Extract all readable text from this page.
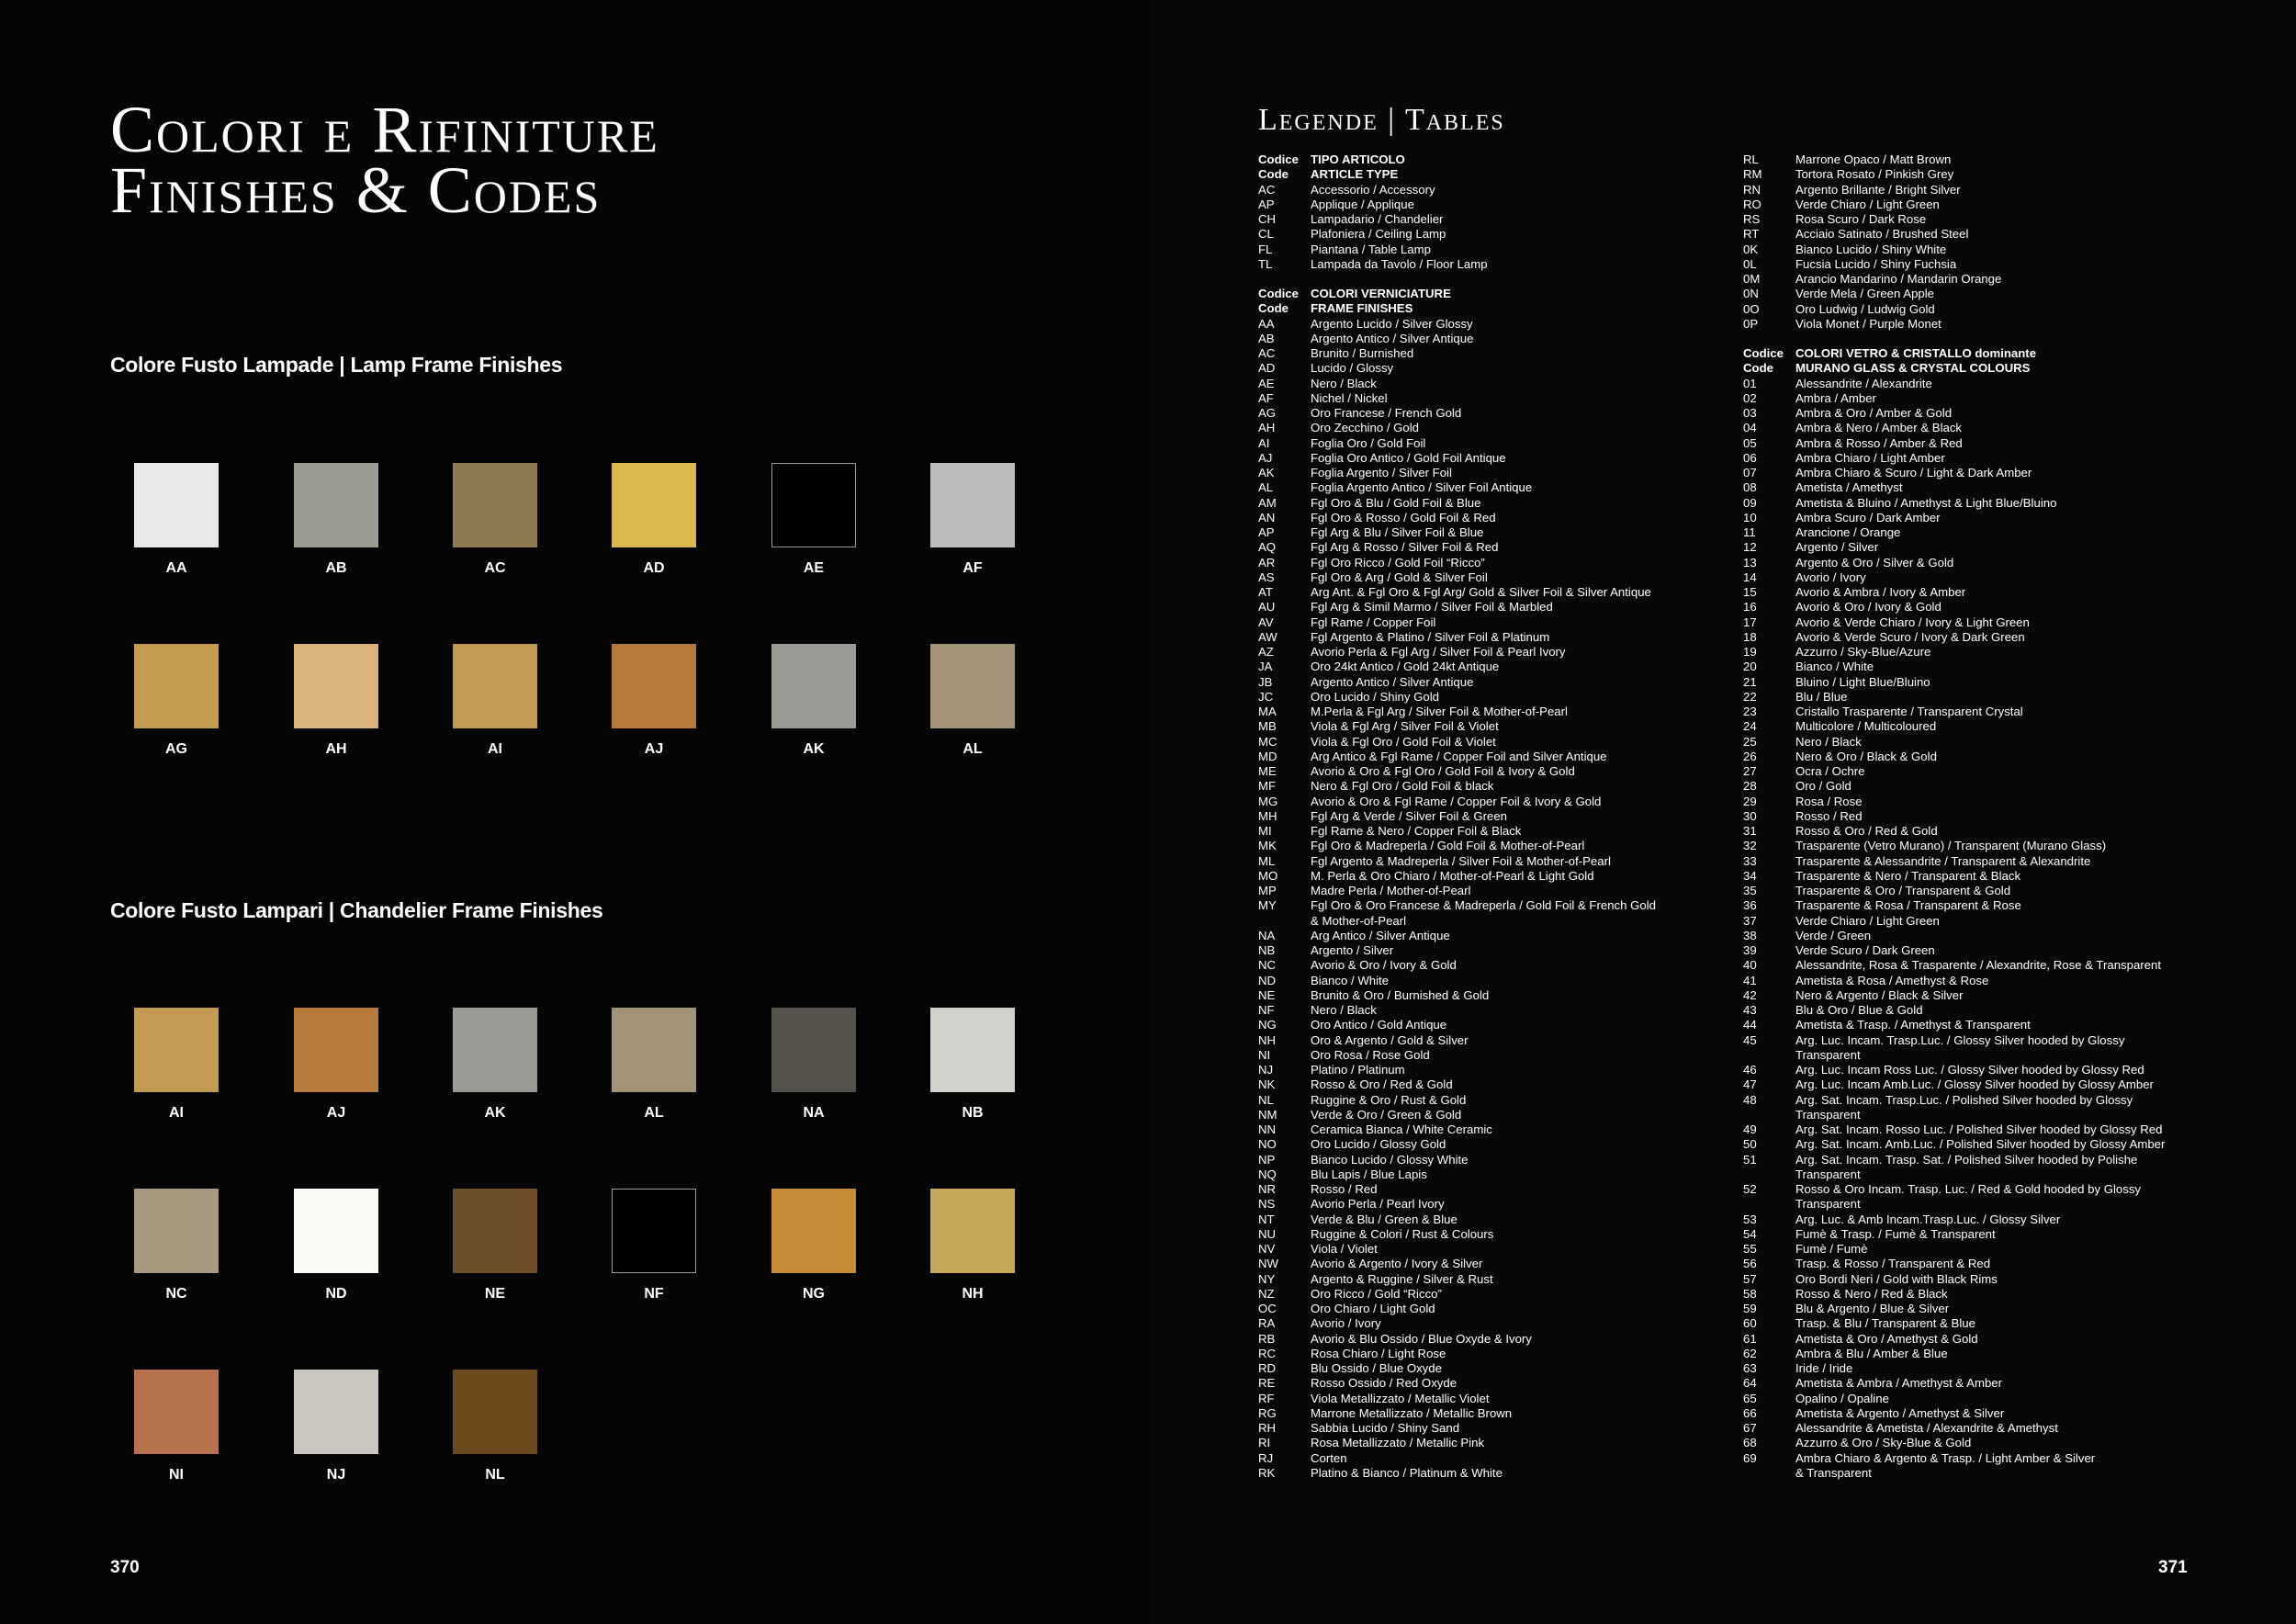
Colori e Rifiniture
Finishes & Codes
Colore Fusto Lampade | Lamp Frame Finishes
AA	AB	AC	AD	AE	AF
AG	AH	AI	AJ	AK	AL
Colore Fusto Lampari | Chandelier Frame Finishes
AI	AJ	AK	AL	NA	NB
NC	ND	NE	NF	NG	NH
NI	NJ	NL
370	371
Legende | Tables
Codice	TIPO ARTICOLO
Code	ARTICLE TYPE
AC	Accessorio / Accessory
AP	Applique / Applique
CH	Lampadario / Chandelier
CL	Plafoniera / Ceiling Lamp
FL	Piantana / Table Lamp
TL	Lampada da Tavolo / Floor Lamp

Codice	COLORI VERNICIATURE
Code	FRAME FINISHES
AA	Argento Lucido / Silver Glossy
AB	Argento Antico / Silver Antique
AC	Brunito / Burnished
AD	Lucido / Glossy
AE	Nero / Black
AF	Nichel / Nickel
AG	Oro Francese / French Gold
AH	Oro Zecchino / Gold
AI	Foglia Oro / Gold Foil
AJ	Foglia Oro Antico / Gold Foil Antique
AK	Foglia Argento / Silver Foil
AL	Foglia Argento Antico / Silver Foil Antique
AM	Fgl Oro & Blu / Gold Foil & Blue
AN	Fgl Oro & Rosso / Gold Foil & Red
AP	Fgl Arg & Blu / Silver Foil & Blue
AQ	Fgl Arg & Rosso / Silver Foil & Red
AR	Fgl Oro Ricco / Gold Foil “Ricco”
AS	Fgl Oro & Arg / Gold & Silver Foil
AT	Arg Ant. & Fgl Oro & Fgl Arg/ Gold & Silver Foil & Silver Antique
AU	Fgl Arg & Simil Marmo / Silver Foil & Marbled
AV	Fgl Rame / Copper Foil
AW	Fgl Argento & Platino / Silver Foil & Platinum
AZ	Avorio Perla & Fgl Arg / Silver Foil & Pearl Ivory
JA	Oro 24kt Antico / Gold 24kt Antique
JB	Argento Antico / Silver Antique
JC	Oro Lucido / Shiny Gold
MA	M.Perla & Fgl Arg / Silver Foil & Mother-of-Pearl
MB	Viola & Fgl Arg / Silver Foil & Violet
MC	Viola & Fgl Oro / Gold Foil & Violet
MD	Arg Antico & Fgl Rame / Copper Foil and Silver Antique
ME	Avorio & Oro & Fgl Oro / Gold Foil & Ivory & Gold
MF	Nero & Fgl Oro / Gold Foil & black
MG	Avorio & Oro & Fgl Rame / Copper Foil & Ivory & Gold
MH	Fgl Arg & Verde / Silver Foil & Green
MI	Fgl Rame & Nero / Copper Foil & Black
MK	Fgl Oro & Madreperla / Gold Foil & Mother-of-Pearl
ML	Fgl Argento & Madreperla / Silver Foil & Mother-of-Pearl
MO	M. Perla & Oro Chiaro / Mother-of-Pearl & Light Gold
MP	Madre Perla / Mother-of-Pearl
MY	Fgl Oro & Oro Francese & Madreperla / Gold Foil & French Gold
	& Mother-of-Pearl
NA	Arg Antico / Silver Antique
NB	Argento / Silver
NC	Avorio & Oro / Ivory & Gold
ND	Bianco / White
NE	Brunito & Oro / Burnished & Gold
NF	Nero / Black
NG	Oro Antico / Gold Antique
NH	Oro & Argento / Gold & Silver
NI	Oro Rosa / Rose Gold
NJ	Platino / Platinum
NK	Rosso & Oro / Red & Gold
NL	Ruggine & Oro / Rust & Gold
NM	Verde & Oro / Green & Gold
NN	Ceramica Bianca / White Ceramic
NO	Oro Lucido / Glossy Gold
NP	Bianco Lucido / Glossy White
NQ	Blu Lapis / Blue Lapis
NR	Rosso / Red
NS	Avorio Perla / Pearl Ivory
NT	Verde & Blu / Green & Blue
NU	Ruggine & Colori / Rust & Colours
NV	Viola / Violet
NW	Avorio & Argento / Ivory & Silver
NY	Argento & Ruggine / Silver & Rust
NZ	Oro Ricco / Gold “Ricco”
OC	Oro Chiaro / Light Gold
RA	Avorio / Ivory
RB	Avorio & Blu Ossido / Blue Oxyde & Ivory
RC	Rosa Chiaro / Light Rose
RD	Blu Ossido / Blue Oxyde
RE	Rosso Ossido / Red Oxyde
RF	Viola Metallizzato / Metallic Violet
RG	Marrone Metallizzato / Metallic Brown
RH	Sabbia Lucido / Shiny Sand
RI	Rosa Metallizzato / Metallic Pink
RJ	Corten
RK	Platino & Bianco / Platinum & White
RL	Marrone Opaco / Matt Brown
RM	Tortora Rosato / Pinkish Grey
RN	Argento Brillante / Bright Silver
RO	Verde Chiaro / Light Green
RS	Rosa Scuro / Dark Rose
RT	Acciaio Satinato / Brushed Steel
0K	Bianco Lucido / Shiny White
0L	Fucsia Lucido / Shiny Fuchsia
0M	Arancio Mandarino / Mandarin Orange
0N	Verde Mela / Green Apple
0O	Oro Ludwig / Ludwig Gold
0P	Viola Monet / Purple Monet

Codice	COLORI VETRO & CRISTALLO dominante
Code	MURANO GLASS & CRYSTAL COLOURS
01	Alessandrite / Alexandrite
02	Ambra / Amber
03	Ambra & Oro / Amber & Gold
04	Ambra & Nero / Amber & Black
05	Ambra & Rosso / Amber & Red
06	Ambra Chiaro / Light Amber
07	Ambra Chiaro & Scuro / Light & Dark Amber
08	Ametista / Amethyst
09	Ametista & Bluino / Amethyst & Light Blue/Bluino
10	Ambra Scuro / Dark Amber
11	Arancione / Orange
12	Argento / Silver
13	Argento & Oro / Silver & Gold
14	Avorio / Ivory
15	Avorio & Ambra / Ivory & Amber
16	Avorio & Oro / Ivory & Gold
17	Avorio & Verde Chiaro / Ivory & Light Green
18	Avorio & Verde Scuro / Ivory & Dark Green
19	Azzurro / Sky-Blue/Azure
20	Bianco / White
21	Bluino / Light Blue/Bluino
22	Blu / Blue
23	Cristallo Trasparente / Transparent Crystal
24	Multicolore / Multicoloured
25	Nero / Black
26	Nero & Oro / Black & Gold
27	Ocra / Ochre
28	Oro / Gold
29	Rosa / Rose
30	Rosso / Red
31	Rosso & Oro / Red & Gold
32	Trasparente (Vetro Murano) / Transparent (Murano Glass)
33	Trasparente & Alessandrite / Transparent & Alexandrite
34	Trasparente & Nero / Transparent & Black
35	Trasparente & Oro / Transparent & Gold
36	Trasparente & Rosa / Transparent & Rose
37	Verde Chiaro / Light Green
38	Verde / Green
39	Verde Scuro / Dark Green
40	Alessandrite, Rosa & Trasparente / Alexandrite, Rose & Transparent
41	Ametista & Rosa / Amethyst & Rose
42	Nero & Argento / Black & Silver
43	Blu & Oro / Blue & Gold
44	Ametista & Trasp. / Amethyst & Transparent
45	Arg. Luc. Incam. Trasp.Luc. / Glossy Silver hooded by Glossy
	Transparent
46	Arg. Luc. Incam Ross Luc. / Glossy Silver hooded by Glossy Red
47	Arg. Luc. Incam Amb.Luc. / Glossy Silver hooded by Glossy Amber
48	Arg. Sat. Incam. Trasp.Luc. / Polished Silver hooded by Glossy
	Transparent
49	Arg. Sat. Incam. Rosso Luc. / Polished Silver hooded by Glossy Red
50	Arg. Sat. Incam. Amb.Luc. / Polished Silver hooded by Glossy Amber
51	Arg. Sat. Incam. Trasp. Sat. / Polished Silver hooded by Polishe
	Transparent
52	Rosso & Oro Incam. Trasp. Luc. / Red & Gold hooded by Glossy
	Transparent
53	Arg. Luc. & Amb Incam.Trasp.Luc. / Glossy Silver
54	Fumè & Trasp. / Fumè & Transparent
55	Fumè / Fumè
56	Trasp. & Rosso / Transparent & Red
57	Oro Bordi Neri / Gold with Black Rims
58	Rosso & Nero / Red & Black
59	Blu & Argento / Blue & Silver
60	Trasp. & Blu / Transparent & Blue
61	Ametista & Oro / Amethyst & Gold
62	Ambra & Blu / Amber & Blue
63	Iride / Iride
64	Ametista & Ambra / Amethyst & Amber
65	Opalino / Opaline
66	Ametista & Argento / Amethyst & Silver
67	Alessandrite & Ametista / Alexandrite & Amethyst
68	Azzurro & Oro / Sky-Blue & Gold
69	Ambra Chiaro & Argento & Trasp. / Light Amber & Silver
	& Transparent
